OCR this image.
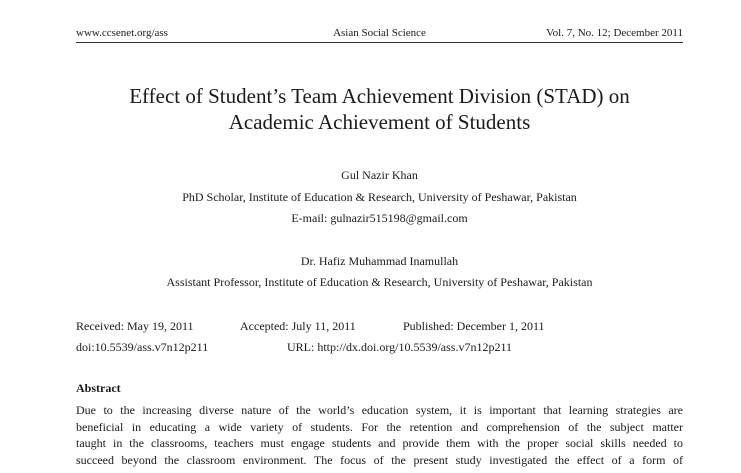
www.ccsenet.org/ass	Asian Social Science	Vol. 7, No. 12; December 2011
Effect of Student’s Team Achievement Division (STAD) on
Academic Achievement of Students
Gul Nazir Khan
PhD Scholar, Institute of Education & Research, University of Peshawar, Pakistan
E-mail: gulnazir515198@gmail.com
Dr. Hafiz Muhammad Inamullah
Assistant Professor, Institute of Education & Research, University of Peshawar, Pakistan
Received: May 19, 2011	Accepted: July 11, 2011	Published: December 1, 2011
doi:10.5539/ass.v7n12p211	URL: http://dx.doi.org/10.5539/ass.v7n12p211
Abstract
Due to the increasing diverse nature of the world’s education system, it is important that learning strategies are
beneficial in educating a wide variety of students. For the retention and comprehension of the subject matter
taught in the classrooms, teachers must engage students and provide them with the proper social skills needed to
succeed beyond the classroom environment. The focus of the present study investigated the effect of a form of
